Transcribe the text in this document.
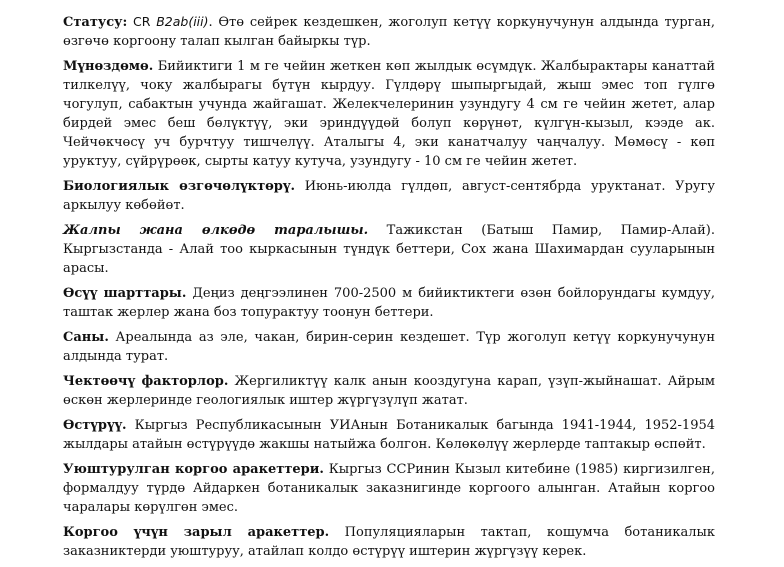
Статусу: CR B2ab(iii). Өтө сейрек кездешкен, жоголуп кетүү коркунучунун алдында турган, өзгөчө коргоону талап кылган байыркы түр.

Мүнөздөмө. Бийиктиги 1 м ге чейин жеткен көп жылдык өсүмдүк. Жалбырактары канаттай тилкелүү, чоку жалбырагы бүтүн кырдуу. Гүлдөрү шыпыргыдай, жыш эмес топ гүлгө чогулуп, сабактын учунда жайгашат. Желекчелеринин узундугу 4 см ге чейин жетет, алар бирдей эмес беш бөлүктүү, эки эриндүүдөй болуп көрүнөт, күлгүн-кызыл, кээде ак. Чейчөкчөсү уч бурчтуу тишчелүү. Аталыгы 4, эки канатчалуу чаңчалуу. Мөмөсү - көп уруктуу, сүйрүрөөк, сырты катуу кутуча, узундугу - 10 см ге чейин жетет.

Биологиялык өзгөчөлүктөрү. Июнь-июлда гүлдөп, август-сентябрда уруктанат. Уругу аркылуу көбөйөт.

Жалпы жана өлкөдө таралышы. Тажикстан (Батыш Памир, Памир-Алай). Кыргызстанда - Алай тоо кыркасынын түндүк беттери, Сох жана Шахимардан сууларынын арасы.

Өсүү шарттары. Деңиз деңгээлинен 700-2500 м бийиктиктеги өзөн бойлорундагы кумдуу, таштак жерлер жана боз топурактуу тоонун беттери.

Саны. Ареалында аз эле, чакан, бирин-серин кездешет. Түр жоголуп кетүү коркунучунун алдында турат.

Чектөөчү факторлор. Жергиликтүү калк анын кооздугуна карап, үзүп-жыйнашат. Айрым өскөн жерлеринде геологиялык иштер жүргүзүлүп жатат.

Өстүрүү. Кыргыз Республикасынын УИАнын Ботаникалык багында 1941-1944, 1952-1954 жылдары атайын өстүрүүдө жакшы натыйжа болгон. Көлөкөлүү жерлерде таптакыр өспөйт.

Уюштурулган коргоо аракеттери. Кыргыз ССРинин Кызыл китебине (1985) киргизилген, формалдуу түрдө Айдаркен ботаникалык заказнигинде коргоого алынган. Атайын коргоо чаралары көрүлгөн эмес.

Коргоо үчүн зарыл аракеттер. Популяцияларын тактап, кошумча ботаникалык заказниктерди уюштуруу, атайлап колдо өстүрүү иштерин жүргүзүү керек.
